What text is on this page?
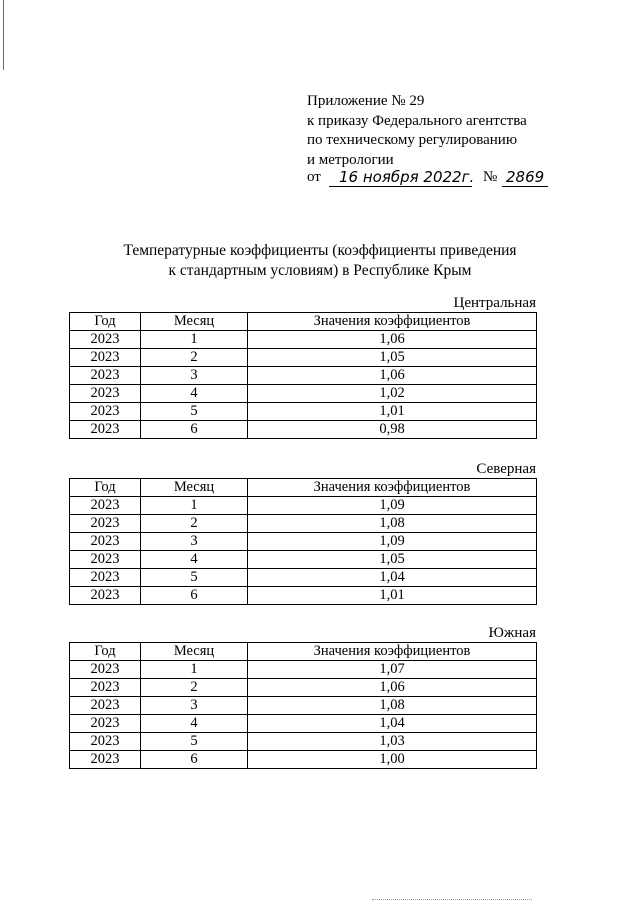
Приложение № 29
к приказу Федерального агентства
по техническому регулированию
и метрологии
от	16 ноября 2022г. № 2869
Температурные коэффициенты (коэффициенты приведения
к стандартным условиям) в Республике Крым
Центральная
Год	Месяц	Значения коэффициентов
2023	1	1,06
2023	2	1,05
2023	3	1,06
2023	4	1,02
2023	5	1,01
2023	6	0,98
Северная
Год	Месяц	Значения коэффициентов
2023	1	1,09
2023	2	1,08
2023	3	1,09
2023	4	1,05
2023	5	1,04
2023	6	1,01
Южная
Год	Месяц	Значения коэффициентов
2023	1	1,07
2023	2	1,06
2023	3	1,08
2023	4	1,04
2023	5	1,03
2023	6	1,00
